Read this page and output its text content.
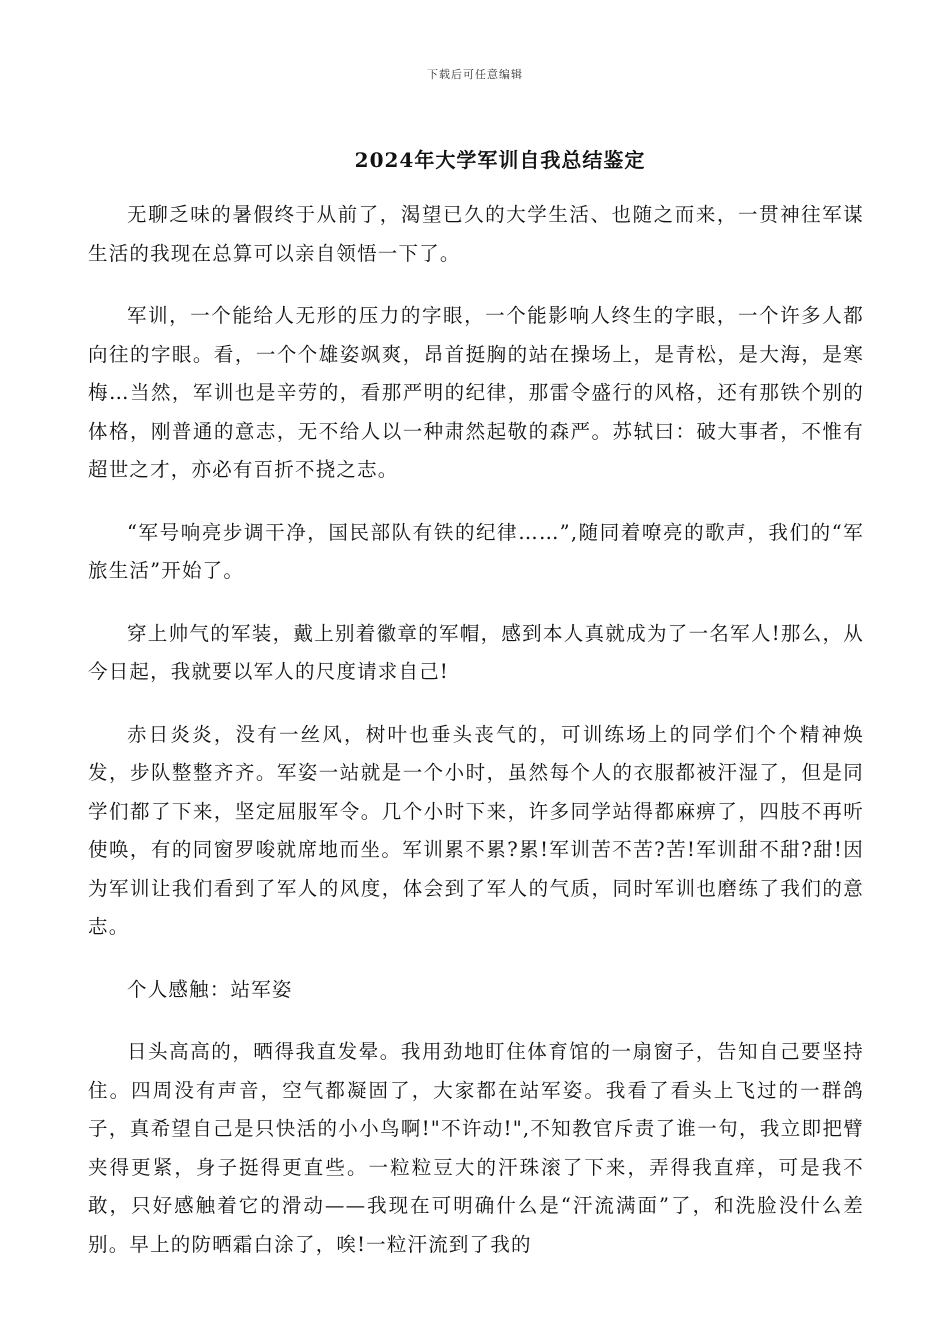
下载后可任意编辑
2024年大学军训自我总结鉴定

无聊乏味的暑假终于从前了，渴望已久的大学生活、也随之而来，一贯神往军谋生活的我现在总算可以亲自领悟一下了。

军训，一个能给人无形的压力的字眼，一个能影响人终生的字眼，一个许多人都向往的字眼。看，一个个雄姿飒爽，昂首挺胸的站在操场上，是青松，是大海，是寒梅…当然，军训也是辛劳的，看那严明的纪律，那雷令盛行的风格，还有那铁个别的体格，刚普通的意志，无不给人以一种肃然起敬的森严。苏轼曰：破大事者，不惟有超世之才，亦必有百折不挠之志。

“军号响亮步调干净，国民部队有铁的纪律……”,随同着嘹亮的歌声，我们的“军旅生活”开始了。

穿上帅气的军装，戴上别着徽章的军帽，感到本人真就成为了一名军人!那么，从今日起，我就要以军人的尺度请求自己!

赤日炎炎，没有一丝风，树叶也垂头丧气的，可训练场上的同学们个个精神焕发，步队整整齐齐。军姿一站就是一个小时，虽然每个人的衣服都被汗湿了，但是同学们都了下来，坚定屈服军令。几个小时下来，许多同学站得都麻痹了，四肢不再听使唤，有的同窗罗唆就席地而坐。军训累不累?累!军训苦不苦?苦!军训甜不甜?甜!因为军训让我们看到了军人的风度，体会到了军人的气质，同时军训也磨练了我们的意志。

个人感触：站军姿

日头高高的，晒得我直发晕。我用劲地盯住体育馆的一扇窗子，告知自己要坚持住。四周没有声音，空气都凝固了，大家都在站军姿。我看了看头上飞过的一群鸽子，真希望自己是只快活的小小鸟啊!"不许动!",不知教官斥责了谁一句，我立即把臂夹得更紧，身子挺得更直些。一粒粒豆大的汗珠滚了下来，弄得我直痒，可是我不敢，只好感触着它的滑动——我现在可明确什么是“汗流满面”了，和洗脸没什么差别。早上的防晒霜白涂了，唉!一粒汗流到了我的
